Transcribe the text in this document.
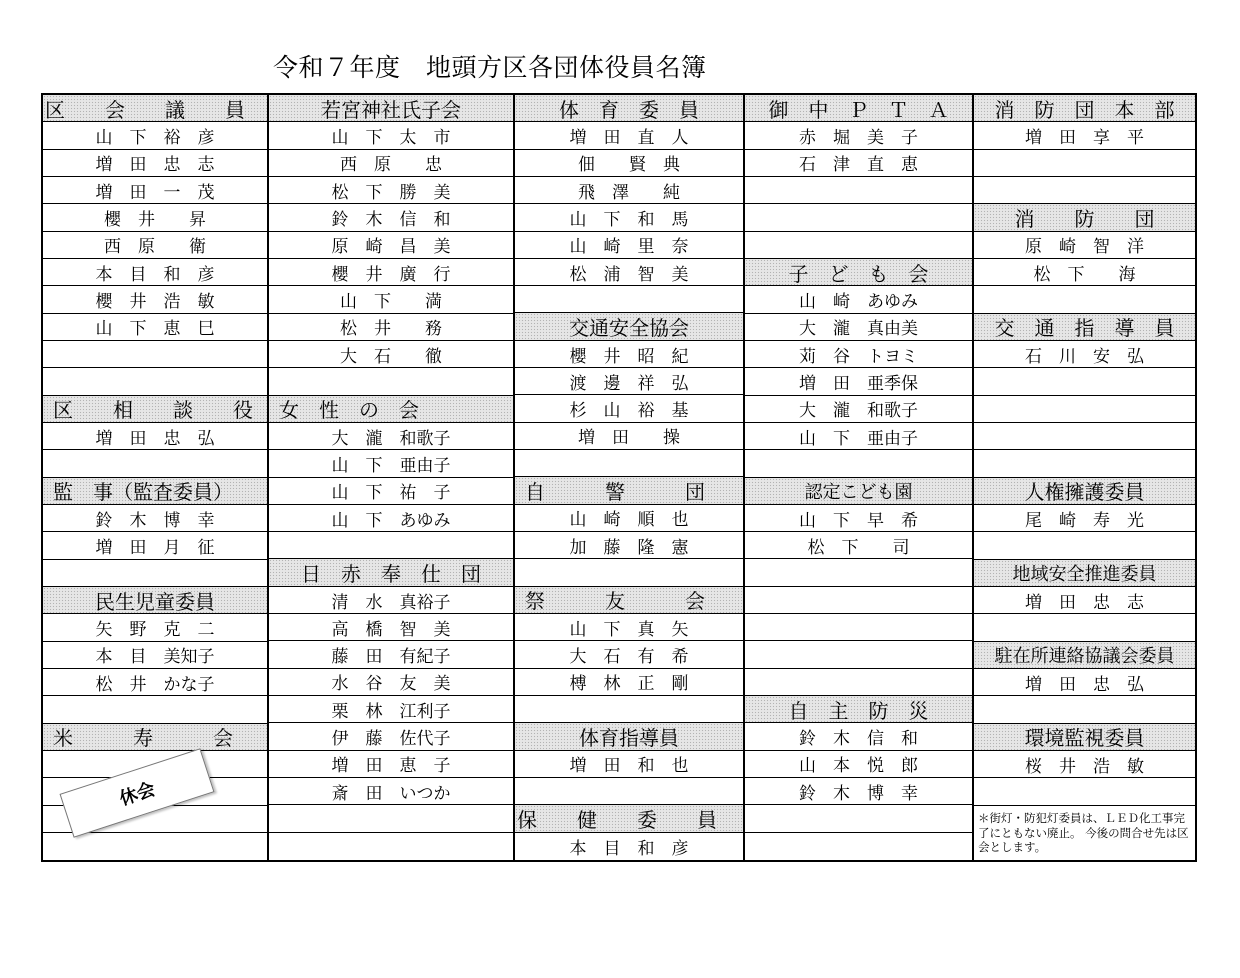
令和７年度　地頭方区各団体役員名簿
区　　会　　議　　員
山　下　裕　彦
増　田　忠　志
増　田　一　茂
櫻　井　　昇
西　原　　衛
本　目　和　彦
櫻　井　浩　敏
山　下　恵　巳
区　　相　　談　　役
増　田　忠　弘
監　事（監査委員）
鈴　木　博　幸
増　田　月　征
民生児童委員
矢　野　克　二
本　目　美知子
松　井　かな子
米　　　寿　　　会
若宮神社氏子会
山　下　太　市
西　原　　忠
松　下　勝　美
鈴　木　信　和
原　崎　昌　美
櫻　井　廣　行
山　下　　満
松　井　　務
大　石　　徹
女　性　の　会
大　瀧　和歌子
山　下　亜由子
山　下　祐　子
山　下　あゆみ
日　赤　奉　仕　団
清　水　真裕子
高　橋　智　美
藤　田　有紀子
水　谷　友　美
栗　林　江利子
伊　藤　佐代子
増　田　恵　子
斎　田　いつか
体　育　委　員
増　田　直　人
佃　　賢　典
飛　澤　　純
山　下　和　馬
山　崎　里　奈
松　浦　智　美
交通安全協会
櫻　井　昭　紀
渡　邊　祥　弘
杉　山　裕　基
増　田　　操
自　　　警　　　団
山　崎　順　也
加　藤　隆　憲
祭　　　友　　　会
山　下　真　矢
大　石　有　希
榑　林　正　剛
体育指導員
増　田　和　也
保　　健　　委　　員
本　目　和　彦
御　中　Ｐ　Ｔ　Ａ
赤　堀　美　子
石　津　直　恵
子　ど　も　会
山　崎　あゆみ
大　瀧　真由美
苅　谷　トヨミ
増　田　亜季保
大　瀧　和歌子
山　下　亜由子
認定こども園
山　下　早　希
松　下　　司
自　主　防　災
鈴　木　信　和
山　本　悦　郎
鈴　木　博　幸
消　防　団　本　部
増　田　享　平
消　　防　　団
原　崎　智　洋
松　下　　海
交　通　指　導　員
石　川　安　弘
人権擁護委員
尾　崎　寿　光
地域安全推進委員
増　田　忠　志
駐在所連絡協議会委員
増　田　忠　弘
環境監視委員
桜　井　浩　敏
＊街灯・防犯灯委員は、ＬＥＤ化工事完　　了にともない廃止。 今後の問合せ先は区会とします。
休会
